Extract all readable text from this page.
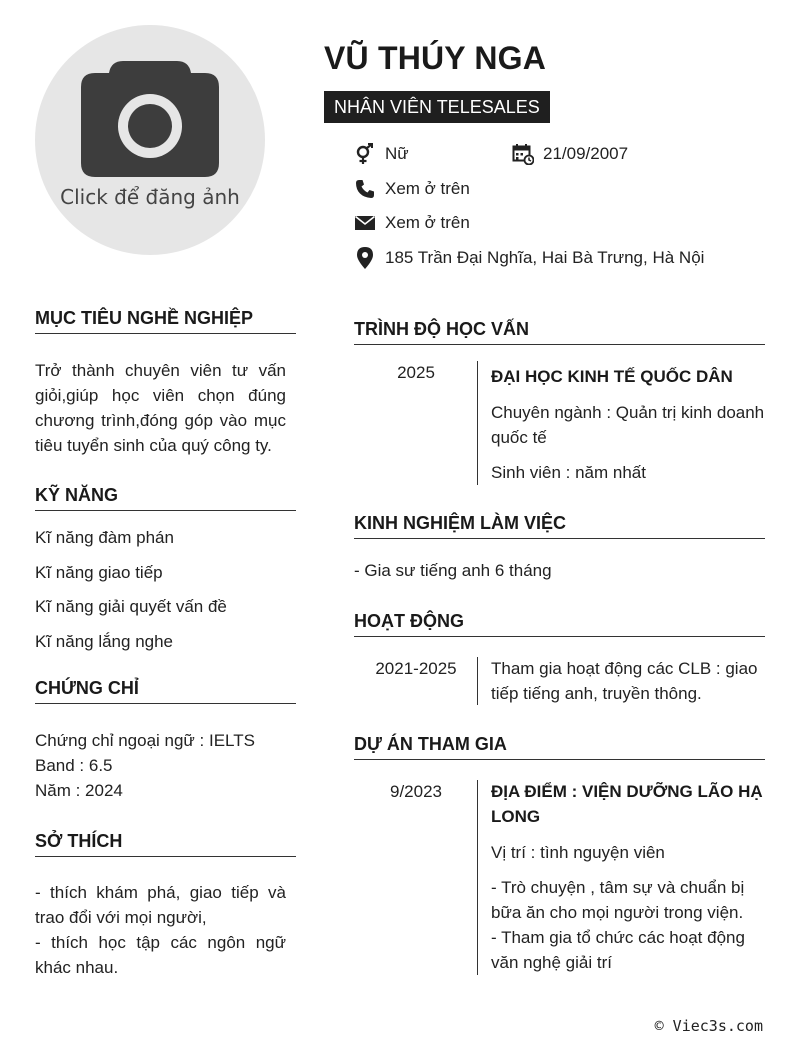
Click để đăng ảnh
VŨ THÚY NGA
NHÂN VIÊN TELESALES
Nữ	21/09/2007
Xem ở trên
Xem ở trên
185 Trần Đại Nghĩa, Hai Bà Trưng, Hà Nội
MỤC TIÊU NGHỀ NGHIỆP
Trở thành chuyên viên tư vấn
giỏi,giúp học viên chọn đúng
chương trình,đóng góp vào mục
tiêu tuyển sinh của quý công ty.
KỸ NĂNG
Kĩ năng đàm phán
Kĩ năng giao tiếp
Kĩ năng giải quyết vấn đề
Kĩ năng lắng nghe
CHỨNG CHỈ
Chứng chỉ ngoại ngữ : IELTS
Band : 6.5
Năm : 2024
SỞ THÍCH
- thích khám phá, giao tiếp và
trao đổi với mọi người,
- thích học tập các ngôn ngữ
khác nhau.
TRÌNH ĐỘ HỌC VẤN
2025	ĐẠI HỌC KINH TẾ QUỐC DÂN
Chuyên ngành : Quản trị kinh doanh
quốc tế
Sinh viên : năm nhất
KINH NGHIỆM LÀM VIỆC
- Gia sư tiếng anh 6 tháng
HOẠT ĐỘNG
2021-2025	Tham gia hoạt động các CLB : giao
tiếp tiếng anh, truyền thông.
DỰ ÁN THAM GIA
9/2023	ĐỊA ĐIỂM : VIỆN DƯỠNG LÃO HẠ
LONG
Vị trí : tình nguyện viên
- Trò chuyện , tâm sự và chuẩn bị
bữa ăn cho mọi người trong viện.
- Tham gia tổ chức các hoạt động
văn nghệ giải trí
© Viec3s.com
